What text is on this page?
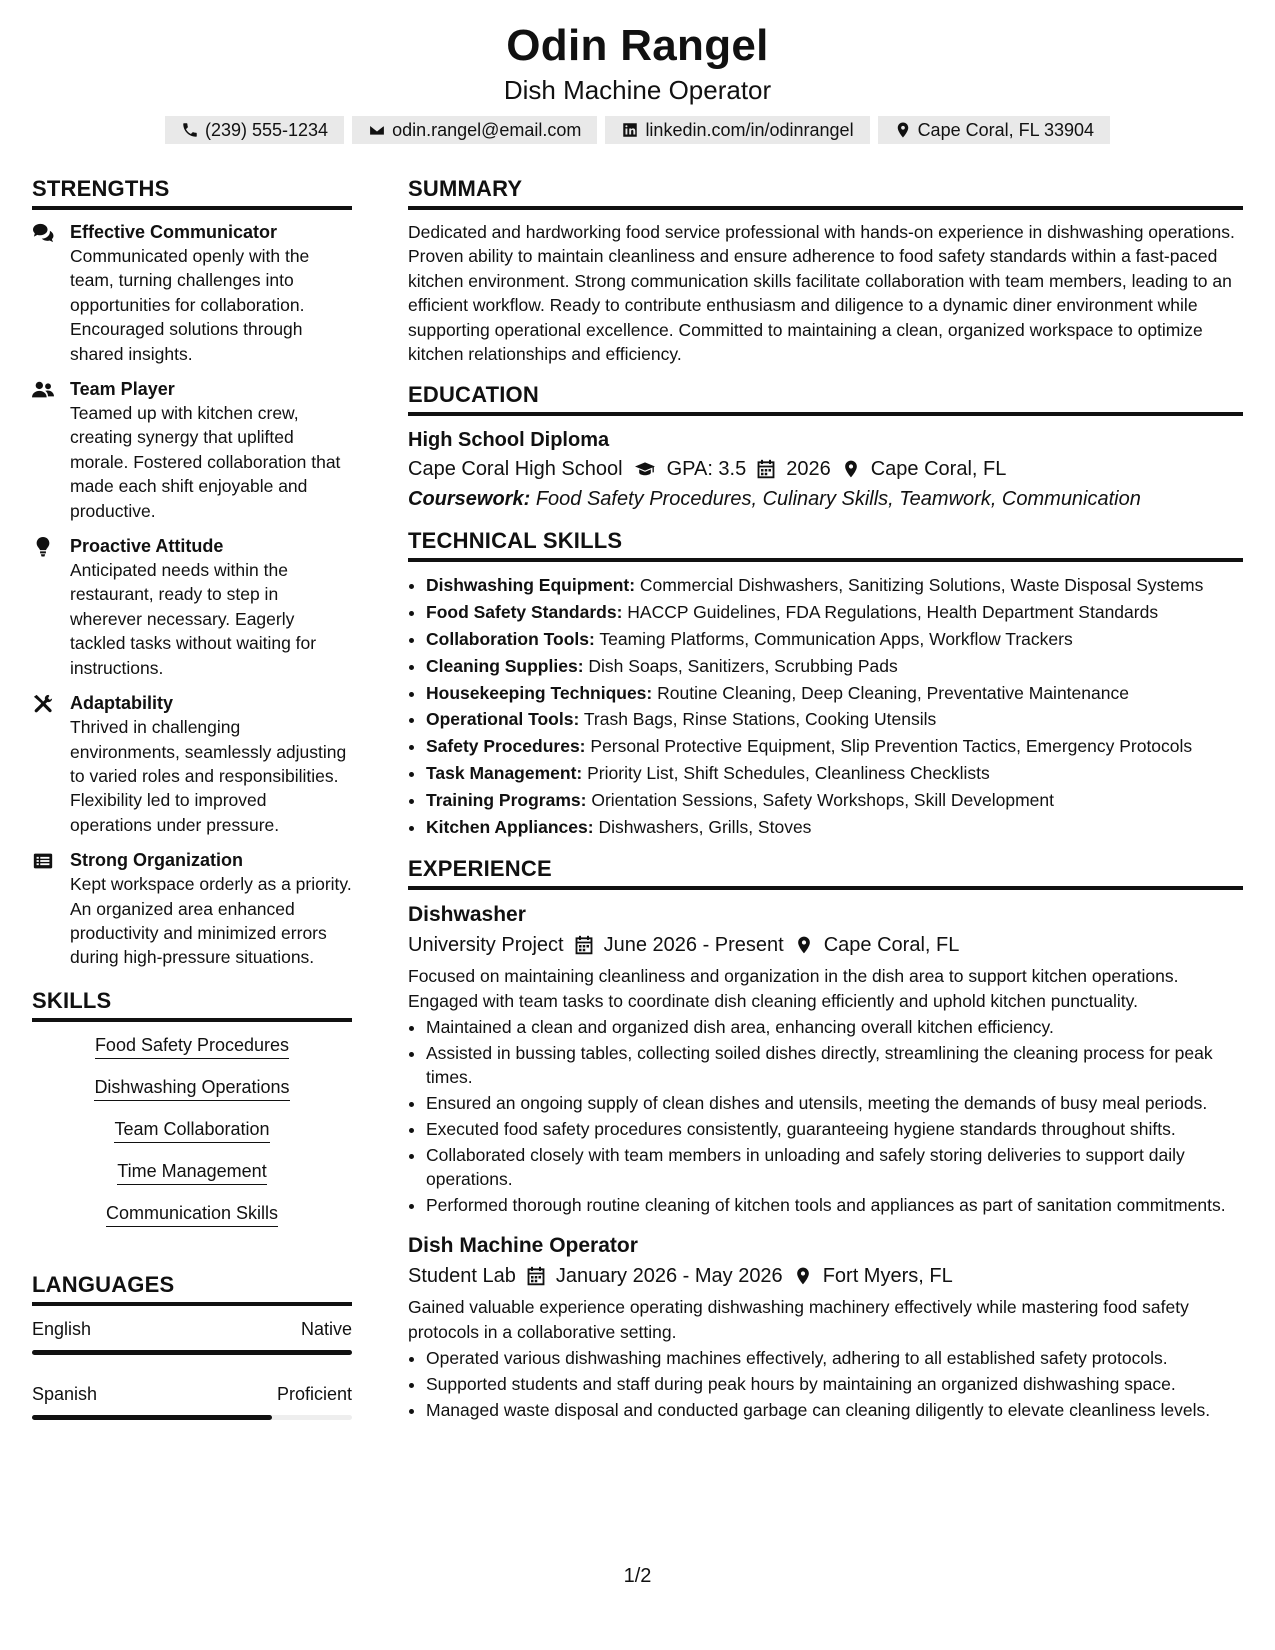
Odin Rangel
Dish Machine Operator
(239) 555-1234	odin.rangel@email.com	linkedin.com/in/odinrangel	Cape Coral, FL 33904
STRENGTHS
Effective Communicator
Communicated openly with the team, turning challenges into opportunities for collaboration. Encouraged solutions through shared insights.
Team Player
Teamed up with kitchen crew, creating synergy that uplifted morale. Fostered collaboration that made each shift enjoyable and productive.
Proactive Attitude
Anticipated needs within the restaurant, ready to step in wherever necessary. Eagerly tackled tasks without waiting for instructions.
Adaptability
Thrived in challenging environments, seamlessly adjusting to varied roles and responsibilities. Flexibility led to improved operations under pressure.
Strong Organization
Kept workspace orderly as a priority. An organized area enhanced productivity and minimized errors during high-pressure situations.
SKILLS
Food Safety Procedures
Dishwashing Operations
Team Collaboration
Time Management
Communication Skills
LANGUAGES
English	Native
Spanish	Proficient
SUMMARY

Dedicated and hardworking food service professional with hands-on experience in dishwashing operations. Proven ability to maintain cleanliness and ensure adherence to food safety standards within a fast-paced kitchen environment. Strong communication skills facilitate collaboration with team members, leading to an efficient workflow. Ready to contribute enthusiasm and diligence to a dynamic diner environment while supporting operational excellence. Committed to maintaining a clean, organized workspace to optimize kitchen relationships and efficiency.

EDUCATION
High School Diploma
Cape Coral High School GPA: 3.5 2026 Cape Coral, FL
Coursework: Food Safety Procedures, Culinary Skills, Teamwork, Communication
TECHNICAL SKILLS
• Dishwashing Equipment: Commercial Dishwashers, Sanitizing Solutions, Waste Disposal Systems
• Food Safety Standards: HACCP Guidelines, FDA Regulations, Health Department Standards
• Collaboration Tools: Teaming Platforms, Communication Apps, Workflow Trackers
• Cleaning Supplies: Dish Soaps, Sanitizers, Scrubbing Pads
• Housekeeping Techniques: Routine Cleaning, Deep Cleaning, Preventative Maintenance
• Operational Tools: Trash Bags, Rinse Stations, Cooking Utensils
• Safety Procedures: Personal Protective Equipment, Slip Prevention Tactics, Emergency Protocols
• Task Management: Priority List, Shift Schedules, Cleanliness Checklists
• Training Programs: Orientation Sessions, Safety Workshops, Skill Development
• Kitchen Appliances: Dishwashers, Grills, Stoves
EXPERIENCE
Dishwasher
University Project June 2026 - Present Cape Coral, FL
Focused on maintaining cleanliness and organization in the dish area to support kitchen operations. Engaged with team tasks to coordinate dish cleaning efficiently and uphold kitchen punctuality.
• Maintained a clean and organized dish area, enhancing overall kitchen efficiency.
• Assisted in bussing tables, collecting soiled dishes directly, streamlining the cleaning process for peak times.
• Ensured an ongoing supply of clean dishes and utensils, meeting the demands of busy meal periods.
• Executed food safety procedures consistently, guaranteeing hygiene standards throughout shifts.
• Collaborated closely with team members in unloading and safely storing deliveries to support daily operations.
• Performed thorough routine cleaning of kitchen tools and appliances as part of sanitation commitments.
Dish Machine Operator
Student Lab January 2026 - May 2026 Fort Myers, FL
Gained valuable experience operating dishwashing machinery effectively while mastering food safety protocols in a collaborative setting.
• Operated various dishwashing machines effectively, adhering to all established safety protocols.
• Supported students and staff during peak hours by maintaining an organized dishwashing space.
• Managed waste disposal and conducted garbage can cleaning diligently to elevate cleanliness levels.
1/2
